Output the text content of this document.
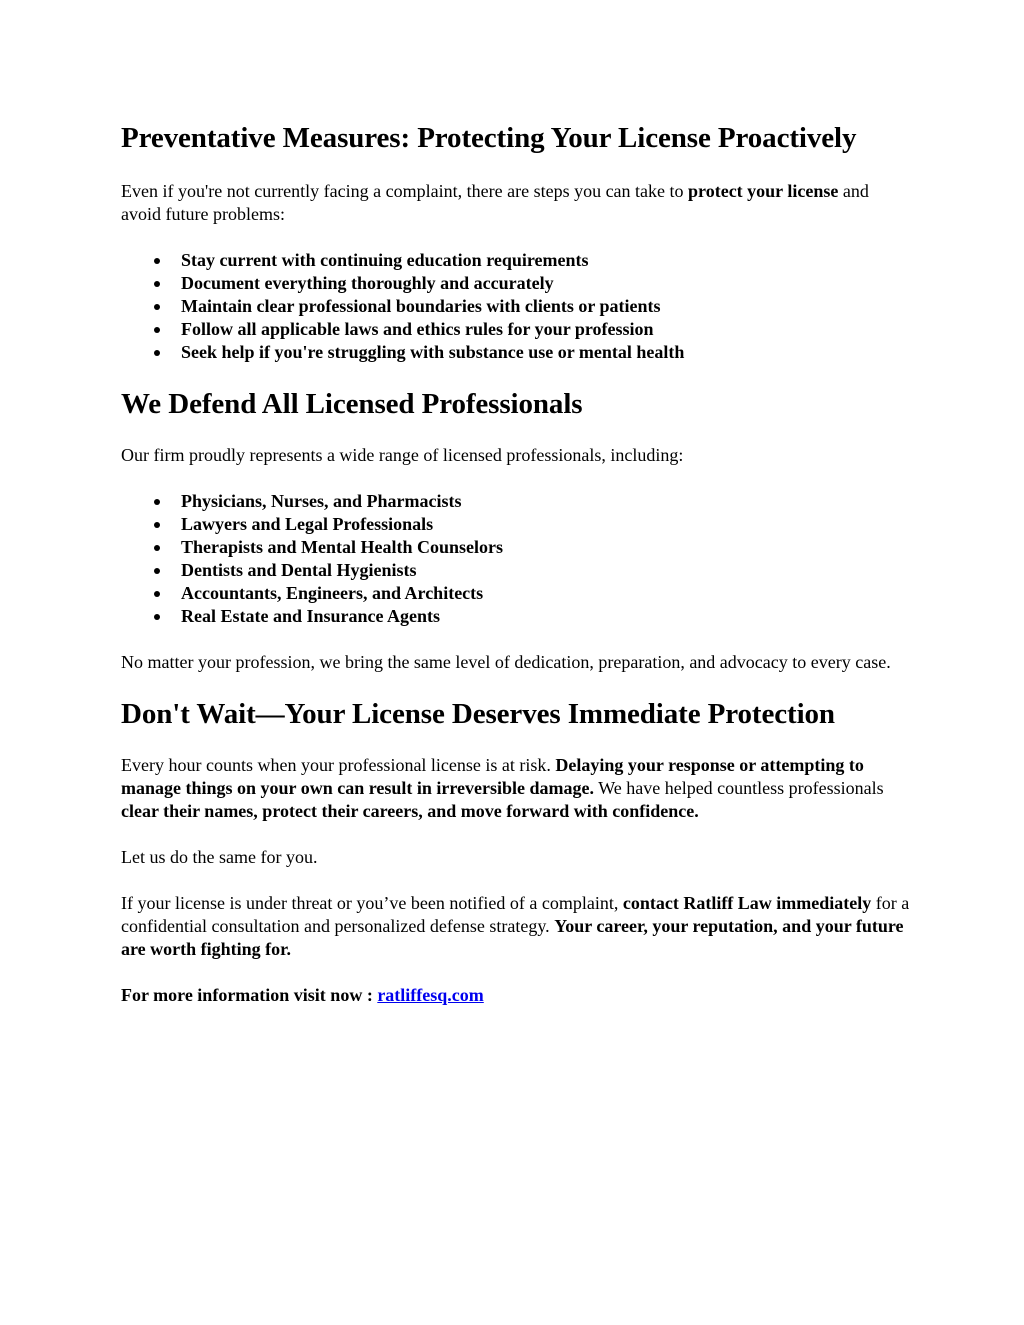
Preventative Measures: Protecting Your License Proactively

Even if you're not currently facing a complaint, there are steps you can take to protect your license and avoid future problems:

Stay current with continuing education requirements
Document everything thoroughly and accurately
Maintain clear professional boundaries with clients or patients
Follow all applicable laws and ethics rules for your profession
Seek help if you're struggling with substance use or mental health
We Defend All Licensed Professionals

Our firm proudly represents a wide range of licensed professionals, including:

Physicians, Nurses, and Pharmacists
Lawyers and Legal Professionals
Therapists and Mental Health Counselors
Dentists and Dental Hygienists
Accountants, Engineers, and Architects
Real Estate and Insurance Agents

No matter your profession, we bring the same level of dedication, preparation, and advocacy to every case.

Don't Wait—Your License Deserves Immediate Protection

Every hour counts when your professional license is at risk. Delaying your response or attempting to manage things on your own can result in irreversible damage. We have helped countless professionals clear their names, protect their careers, and move forward with confidence.

Let us do the same for you.

If your license is under threat or you’ve been notified of a complaint, contact Ratliff Law immediately for a confidential consultation and personalized defense strategy. Your career, your reputation, and your future are worth fighting for.

For more information visit now : ratliffesq.com
